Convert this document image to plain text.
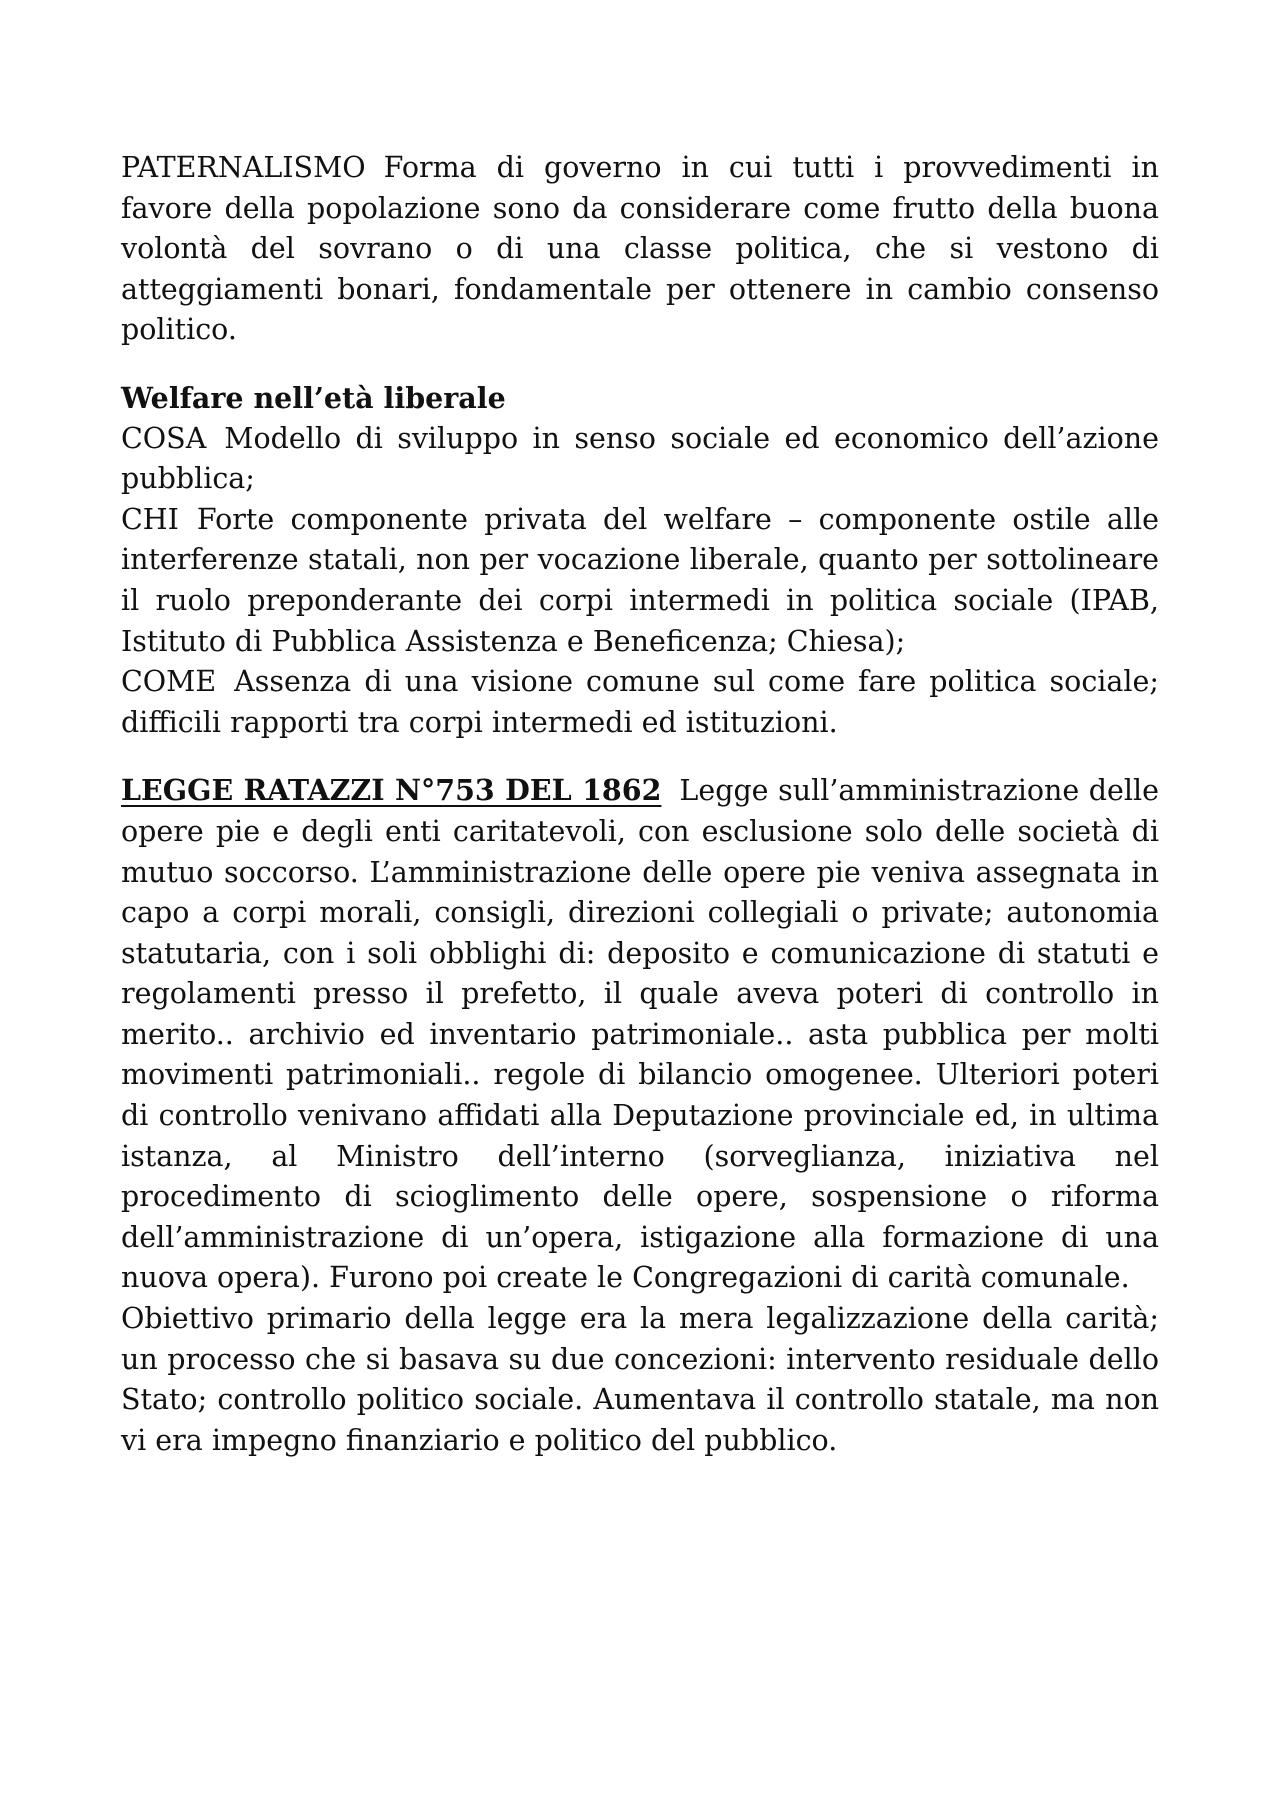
PATERNALISMO Forma di governo in cui tutti i provvedimenti in favore della popolazione sono da considerare come frutto della buona volontà del sovrano o di una classe politica, che si vestono di atteggiamenti bonari, fondamentale per ottenere in cambio consenso politico.

Welfare nell’età liberale

COSA Modello di sviluppo in senso sociale ed economico dell’azione pubblica;

CHI Forte componente privata del welfare – componente ostile alle interferenze statali, non per vocazione liberale, quanto per sottolineare il ruolo preponderante dei corpi intermedi in politica sociale (IPAB, Istituto di Pubblica Assistenza e Beneficenza; Chiesa);

COME Assenza di una visione comune sul come fare politica sociale; difficili rapporti tra corpi intermedi ed istituzioni.

LEGGE RATAZZI N°753 DEL 1862 Legge sull’amministrazione delle opere pie e degli enti caritatevoli, con esclusione solo delle società di mutuo soccorso. L’amministrazione delle opere pie veniva assegnata in capo a corpi morali, consigli, direzioni collegiali o private; autonomia statutaria, con i soli obblighi di: deposito e comunicazione di statuti e regolamenti presso il prefetto, il quale aveva poteri di controllo in merito.. archivio ed inventario patrimoniale.. asta pubblica per molti movimenti patrimoniali.. regole di bilancio omogenee. Ulteriori poteri di controllo venivano affidati alla Deputazione provinciale ed, in ultima istanza, al Ministro dell’interno (sorveglianza, iniziativa nel procedimento di scioglimento delle opere, sospensione o riforma dell’amministrazione di un’opera, istigazione alla formazione di una nuova opera). Furono poi create le Congregazioni di carità comunale.

Obiettivo primario della legge era la mera legalizzazione della carità; un processo che si basava su due concezioni: intervento residuale dello Stato; controllo politico sociale. Aumentava il controllo statale, ma non vi era impegno finanziario e politico del pubblico.
